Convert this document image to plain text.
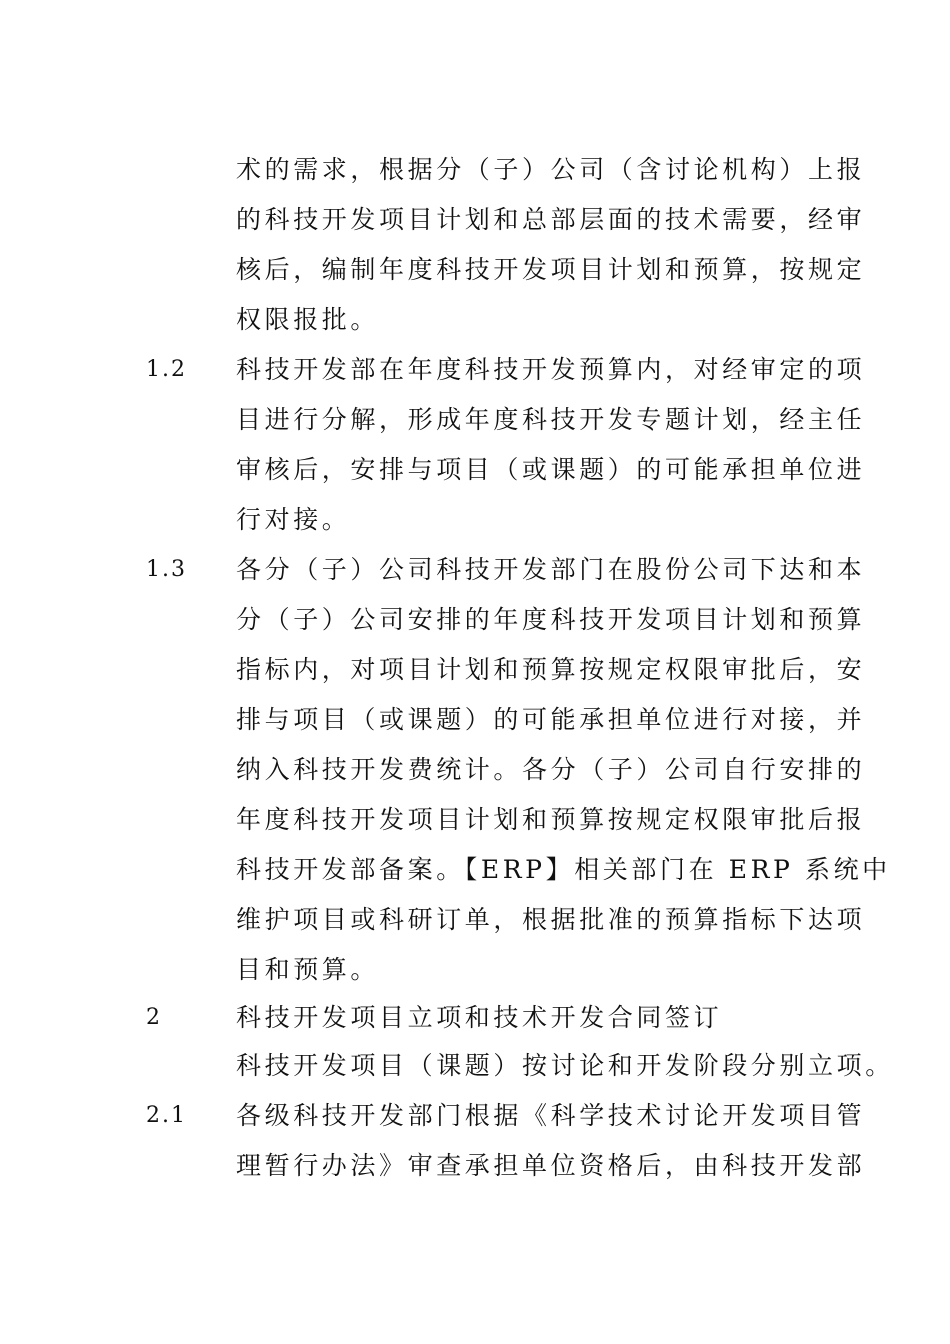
术的需求，根据分（子）公司（含讨论机构）上报
的科技开发项目计划和总部层面的技术需要，经审
核后，编制年度科技开发项目计划和预算，按规定
权限报批。
1.2 科技开发部在年度科技开发预算内，对经审定的项
目进行分解，形成年度科技开发专题计划，经主任
审核后，安排与项目（或课题）的可能承担单位进
行对接。
1.3 各分（子）公司科技开发部门在股份公司下达和本
分（子）公司安排的年度科技开发项目计划和预算
指标内，对项目计划和预算按规定权限审批后，安
排与项目（或课题）的可能承担单位进行对接，并
纳入科技开发费统计。各分（子）公司自行安排的
年度科技开发项目计划和预算按规定权限审批后报
科技开发部备案。【ERP】相关部门在 ERP 系统中
维护项目或科研订单，根据批准的预算指标下达项
目和预算。
2	科技开发项目立项和技术开发合同签订
科技开发项目（课题）按讨论和开发阶段分别立项。
2.1 各级科技开发部门根据《科学技术讨论开发项目管
理暂行办法》审查承担单位资格后，由科技开发部
